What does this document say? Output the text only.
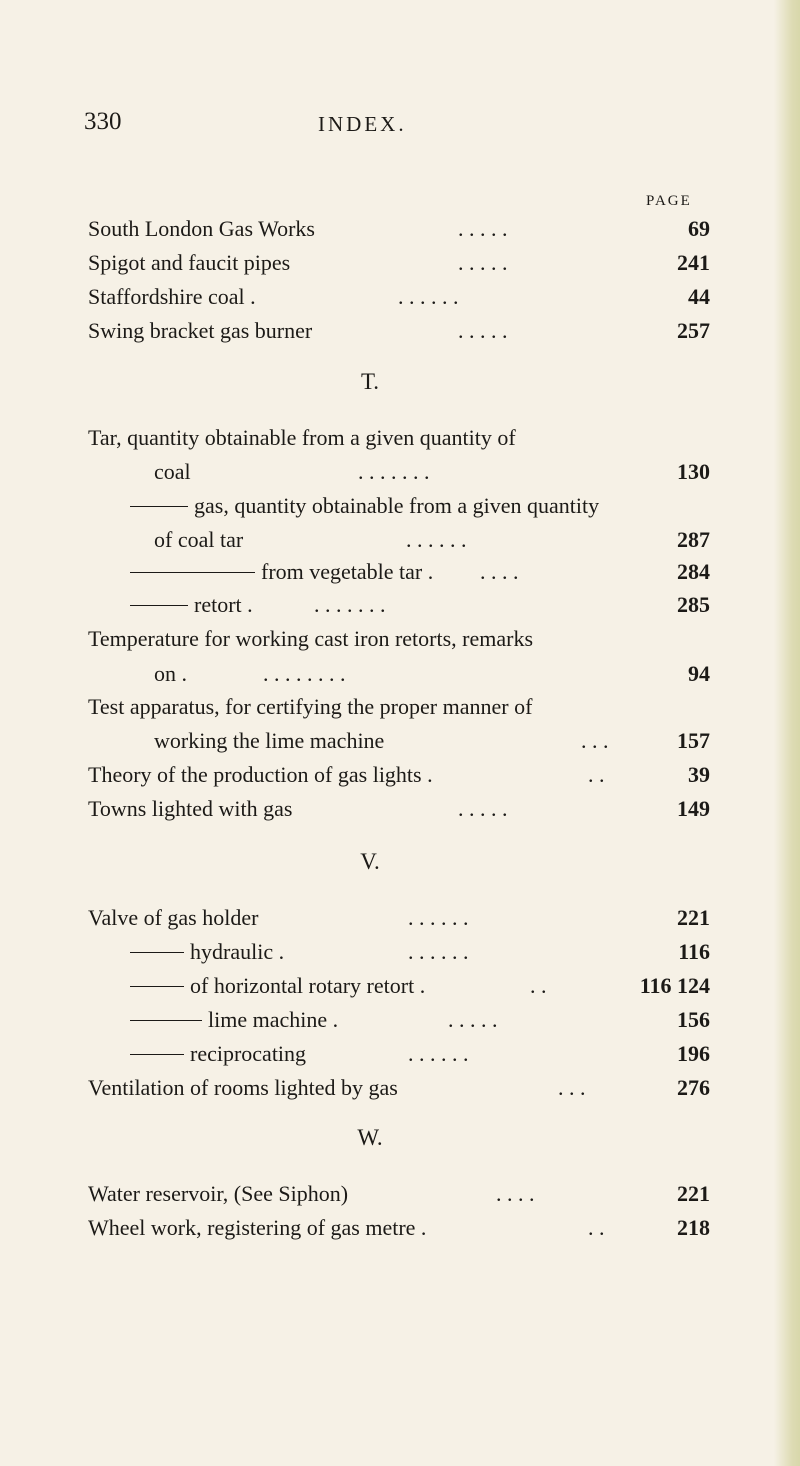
330	INDEX.
PAGE
South London Gas Works	. . . . .	69
Spigot and faucit pipes	. . . . .	241
Staffordshire coal .	. . . . . .	44
Swing bracket gas burner	. . . . .	257
T.
Tar, quantity obtainable from a given quantity of
coal	. . . . . . .	130
gas, quantity obtainable from a given quantity
of coal tar	. . . . . .	287
from vegetable tar . . . . .	284
retort .	. . . . . . .	285
Temperature for working cast iron retorts, remarks
on .	. . . . . . . .	94
Test apparatus, for certifying the proper manner of
working the lime machine	. . .	157
Theory of the production of gas lights .	. .	39
Towns lighted with gas	. . . . .	149
V.
Valve of gas holder	. . . . . .	221
hydraulic .	. . . . . .	116
of horizontal rotary retort .	. .	116 124
lime machine .	. . . . .	156
reciprocating	. . . . . .	196
Ventilation of rooms lighted by gas	. . .	276
W.
Water reservoir, (See Siphon)	. . . .	221
Wheel work, registering of gas metre .	. .	218
